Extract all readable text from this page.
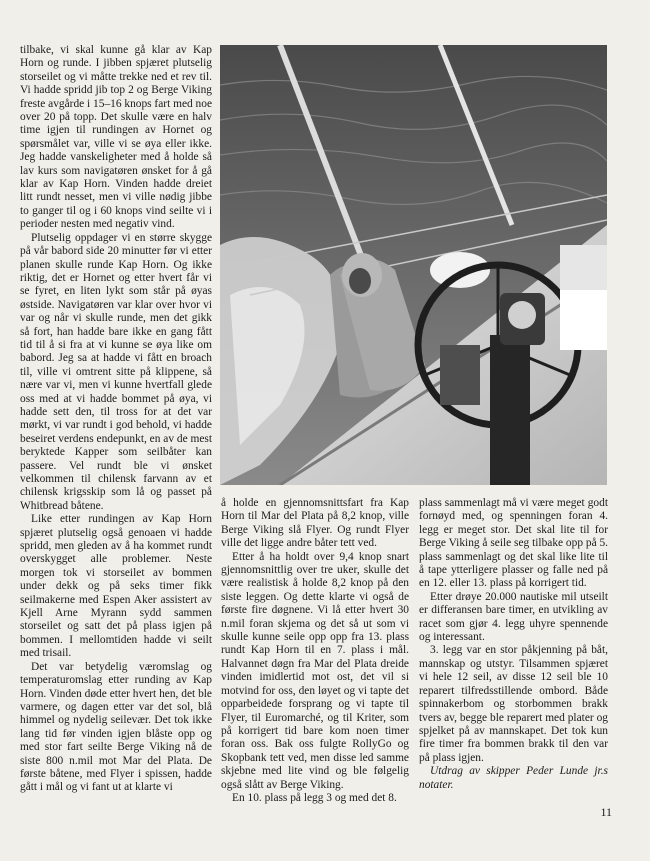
tilbake, vi skal kunne gå klar av Kap Horn og runde. I jibben spjæret plutselig storseilet og vi måtte trekke ned et rev til. Vi hadde spridd jib top 2 og Berge Viking freste avgårde i 15–16 knops fart med noe over 20 på topp. Det skulle være en halv time igjen til rundingen av Hornet og spørsmålet var, ville vi se øya eller ikke. Jeg hadde vanskeligheter med å holde så lav kurs som navigatøren ønsket for å gå klar av Kap Horn. Vinden hadde dreiet litt rundt nesset, men vi ville nødig jibbe to ganger til og i 60 knops vind seilte vi i perioder nesten med negativ vind.

Plutselig oppdager vi en større skygge på vår babord side 20 minutter før vi etter planen skulle runde Kap Horn. Og ikke riktig, det er Hornet og etter hvert får vi se fyret, en liten lykt som står på øyas østside. Navigatøren var klar over hvor vi var og når vi skulle runde, men det gikk så fort, han hadde bare ikke en gang fått tid til å si fra at vi kunne se øya like om babord. Jeg sa at hadde vi fått en broach til, ville vi omtrent sitte på klippene, så nære var vi, men vi kunne hvertfall glede oss med at vi hadde bommet på øya, vi hadde sett den, til tross for at det var mørkt, vi var rundt i god behold, vi hadde beseiret verdens endepunkt, en av de mest beryktede Kapper som seilbåter kan passere. Vel rundt ble vi ønsket velkommen til chilensk farvann av et chilensk krigsskip som lå og passet på Whitbread båtene.

Like etter rundingen av Kap Horn spjæret plutselig også genoaen vi hadde spridd, men gleden av å ha kommet rundt overskygget alle problemer. Neste morgen tok vi storseilet av bommen under dekk og på seks timer fikk seilmakerne med Espen Aker assistert av Kjell Arne Myrann sydd sammen storseilet og satt det på plass igjen på bommen. I mellomtiden hadde vi seilt med trisail.

Det var betydelig væromslag og temperaturomslag etter runding av Kap Horn. Vinden døde etter hvert hen, det ble varmere, og dagen etter var det sol, blå himmel og nydelig seilevær. Det tok ikke lang tid før vinden igjen blåste opp og med stor fart seilte Berge Viking nå de siste 800 n.mil mot Mar del Plata. De første båtene, med Flyer i spissen, hadde gått i mål og vi fant ut at klarte vi

å holde en gjennomsnittsfart fra Kap Horn til Mar del Plata på 8,2 knop, ville Berge Viking slå Flyer. Og rundt Flyer ville det ligge andre båter tett ved.

Etter å ha holdt over 9,4 knop snart gjennomsnittlig over tre uker, skulle det være realistisk å holde 8,2 knop på den siste leggen. Og dette klarte vi også de første fire døgnene. Vi lå etter hvert 30 n.mil foran skjema og det så ut som vi skulle kunne seile opp opp fra 13. plass rundt Kap Horn til en 7. plass i mål. Halvannet døgn fra Mar del Plata dreide vinden imidlertid mot ost, det vil si motvind for oss, den løyet og vi tapte det opparbeidede forsprang og vi tapte til Flyer, til Euromarché, og til Kriter, som på korrigert tid bare kom noen timer foran oss. Bak oss fulgte RollyGo og Skopbank tett ved, men disse led samme skjebne med lite vind og ble følgelig også slått av Berge Viking.

En 10. plass på legg 3 og med det 8.

plass sammenlagt må vi være meget godt fornøyd med, og spenningen foran 4. legg er meget stor. Det skal lite til for Berge Viking å seile seg tilbake opp på 5. plass sammenlagt og det skal like lite til å tape ytterligere plasser og falle ned på en 12. eller 13. plass på korrigert tid.

Etter drøye 20.000 nautiske mil utseilt er differansen bare timer, en utvikling av racet som gjør 4. legg uhyre spennende og interessant.

3. legg var en stor påkjenning på båt, mannskap og utstyr. Tilsammen spjæret vi hele 12 seil, av disse 12 seil ble 10 reparert tilfredsstillende ombord. Både spinnakerbom og storbommen brakk tvers av, begge ble reparert med plater og spjelket på av mannskapet. Det tok kun fire timer fra bommen brakk til den var på plass igjen.

Utdrag av skipper Peder Lunde jr.s notater.

11
